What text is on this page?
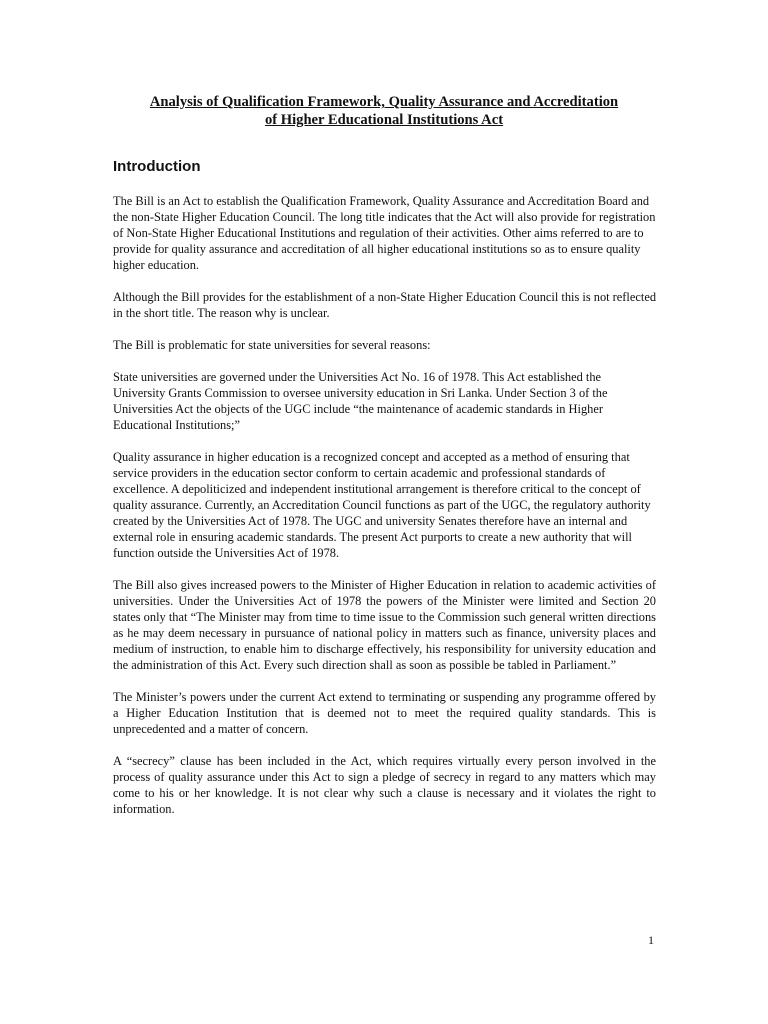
Analysis of Qualification Framework, Quality Assurance and Accreditation
of Higher Educational Institutions Act
Introduction

The Bill is an Act to establish the Qualification Framework, Quality Assurance and Accreditation Board and the non-State Higher Education Council. The long title indicates that the Act will also provide for registration of Non-State Higher Educational Institutions and regulation of their activities. Other aims referred to are to provide for quality assurance and accreditation of all higher educational institutions so as to ensure quality higher education.

Although the Bill provides for the establishment of a non-State Higher Education Council this is not reflected in the short title. The reason why is unclear.

The Bill is problematic for state universities for several reasons:

State universities are governed under the Universities Act No. 16 of 1978. This Act established the University Grants Commission to oversee university education in Sri Lanka. Under Section 3 of the Universities Act the objects of the UGC include “the maintenance of academic standards in Higher Educational Institutions;”

Quality assurance in higher education is a recognized concept and accepted as a method of ensuring that service providers in the education sector conform to certain academic and professional standards of excellence. A depoliticized and independent institutional arrangement is therefore critical to the concept of quality assurance. Currently, an Accreditation Council functions as part of the UGC, the regulatory authority created by the Universities Act of 1978. The UGC and university Senates therefore have an internal and external role in ensuring academic standards. The present Act purports to create a new authority that will function outside the Universities Act of 1978.

The Bill also gives increased powers to the Minister of Higher Education in relation to academic activities of universities. Under the Universities Act of 1978 the powers of the Minister were limited and Section 20 states only that “The Minister may from time to time issue to the Commission such general written directions as he may deem necessary in pursuance of national policy in matters such as finance, university places and medium of instruction, to enable him to discharge effectively, his responsibility for university education and the administration of this Act. Every such direction shall as soon as possible be tabled in Parliament.”

The Minister’s powers under the current Act extend to terminating or suspending any programme offered by a Higher Education Institution that is deemed not to meet the required quality standards. This is unprecedented and a matter of concern.

A “secrecy” clause has been included in the Act, which requires virtually every person involved in the process of quality assurance under this Act to sign a pledge of secrecy in regard to any matters which may come to his or her knowledge. It is not clear why such a clause is necessary and it violates the right to information.

1
